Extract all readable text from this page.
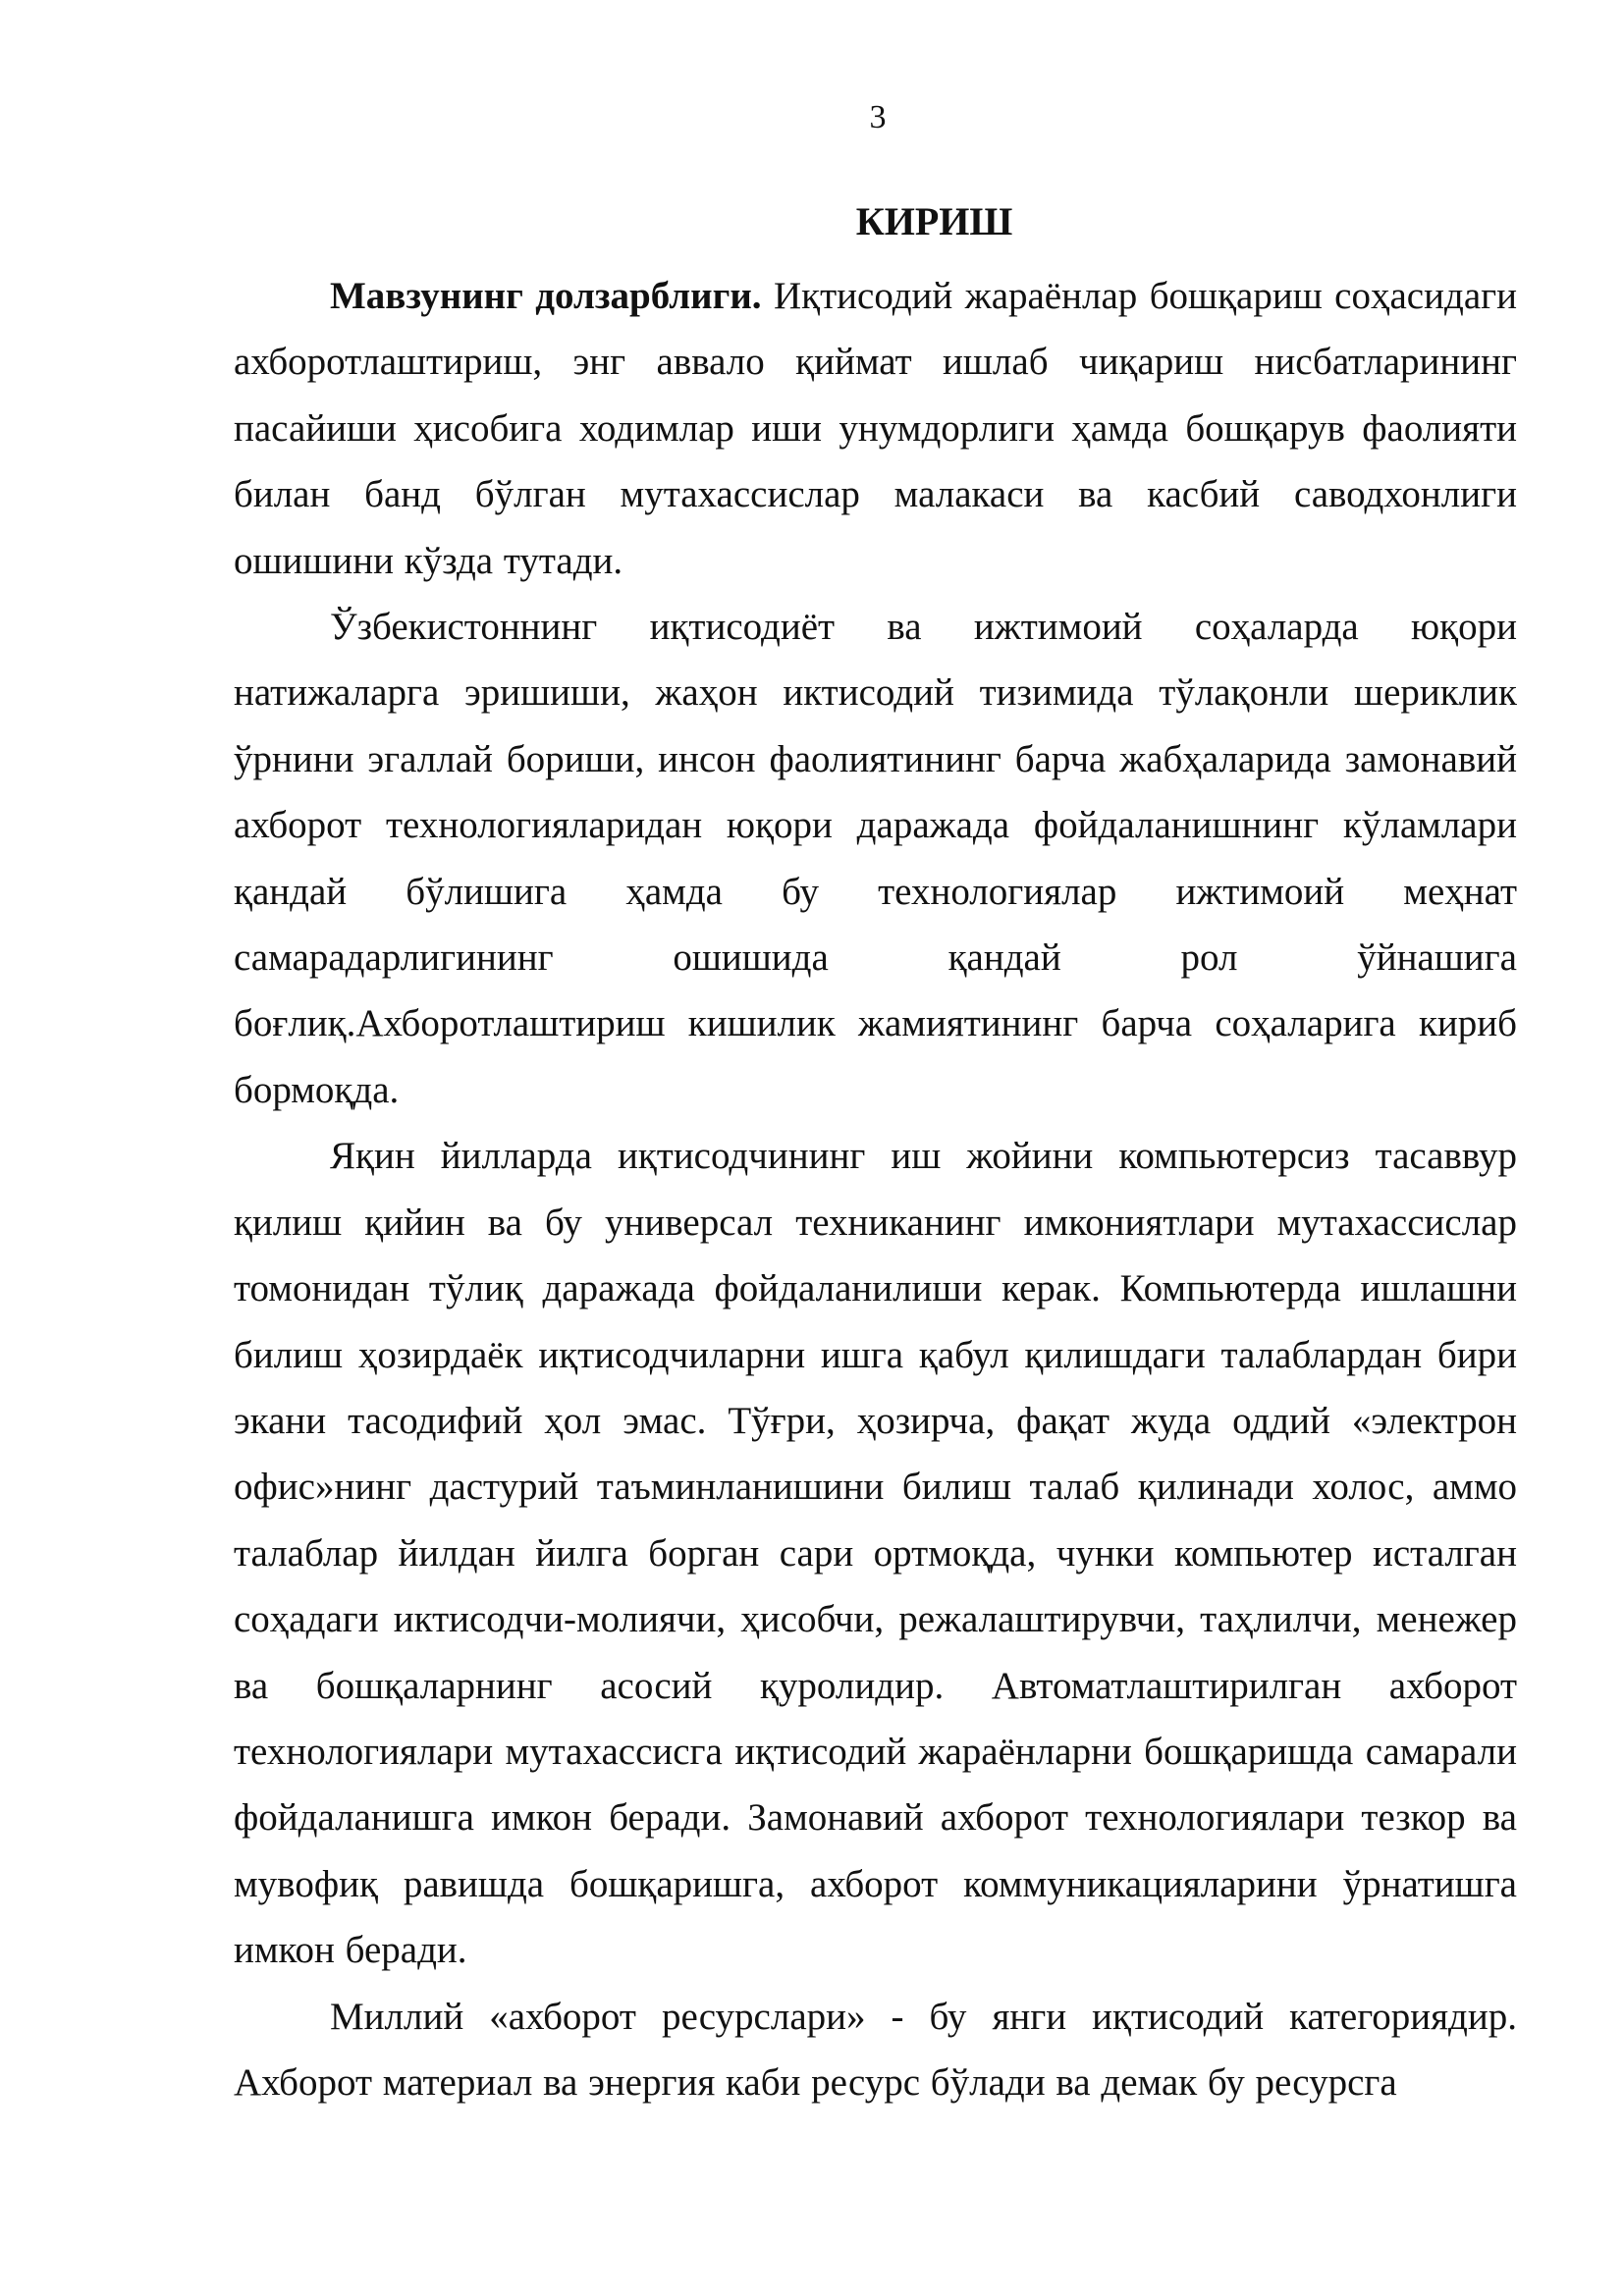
3
КИРИШ

Мавзунинг долзарблиги. Иқтисодий жараёнлар бошқариш соҳасидаги ахборотлаштириш, энг аввало қиймат ишлаб чиқариш нисбатларининг пасайиши ҳисобига ходимлар иши унумдорлиги ҳамда бошқарув фаолияти билан банд бўлган мутахассислар малакаси ва касбий саводхонлиги ошишини кўзда тутади.

Ўзбекистоннинг иқтисодиёт ва ижтимоий соҳаларда юқори натижаларга эришиши, жаҳон иктисодий тизимида тўлақонли шериклик ўрнини эгаллай бориши, инсон фаолиятининг барча жабҳаларида замонавий ахборот технологияларидан юқори даражада фойдаланишнинг кўламлари қандай бўлишига ҳамда бу технологиялар ижтимоий меҳнат самарадарлигининг ошишида қандай рол ўйнашига боғлиқ.Ахборотлаштириш кишилик жамиятининг барча соҳаларига кириб бормоқда.

Яқин йилларда иқтисодчининг иш жойини компьютерсиз тасаввур қилиш қийин ва бу универсал техниканинг имкониятлари мутахассислар томонидан тўлиқ даражада фойдаланилиши керак. Компьютерда ишлашни билиш ҳозирдаёк иқтисодчиларни ишга қабул қилишдаги талаблардан бири экани тасодифий ҳол эмас. Тўғри, ҳозирча, фақат жуда оддий «электрон офис»нинг дастурий таъминланишини билиш талаб қилинади холос, аммо талаблар йилдан йилга борган сари ортмоқда, чунки компьютер исталган соҳадаги иктисодчи-молиячи, ҳисобчи, режалаштирувчи, таҳлилчи, менежер ва бошқаларнинг асосий қуролидир. Автоматлаштирилган ахборот технологиялари мутахассисга иқтисодий жараёнларни бошқаришда самарали фойдаланишга имкон беради. Замонавий ахборот технологиялари тезкор ва мувофиқ равишда бошқаришга, ахборот коммуникацияларини ўрнатишга имкон беради.

Миллий «ахборот ресурслари» - бу янги иқтисодий категориядир. Ахборот материал ва энергия каби ресурс бўлади ва демак бу ресурсга
